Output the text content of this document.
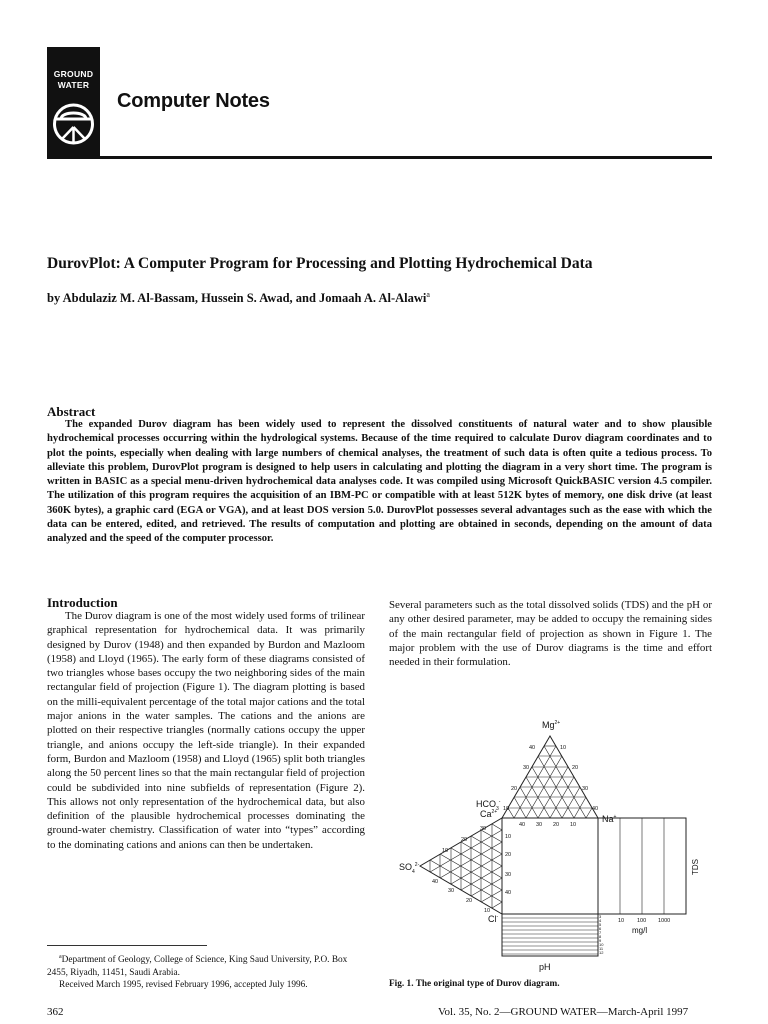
GROUND
WATER
Computer Notes
DurovPlot: A Computer Program for Processing and Plotting Hydrochemical Data
by Abdulaziz M. Al-Bassam, Hussein S. Awad, and Jomaah A. Al-Alawi$^a$
Abstract
The expanded Durov diagram has been widely used to represent the dissolved constituents of natural water and to show plausible hydrochemical processes occurring within the hydrological systems. Because of the time required to calculate Durov diagram coordinates and to plot the points, especially when dealing with large numbers of chemical analyses, the treatment of such data is often quite a tedious process. To alleviate this problem, DurovPlot program is designed to help users in calculating and plotting the diagram in a very short time. The program is written in BASIC as a special menu-driven hydrochemical data analyses code. It was compiled using Microsoft QuickBASIC version 4.5 compiler. The utilization of this program requires the acquisition of an IBM-PC or compatible with at least 512K bytes of memory, one disk drive (at least 360K bytes), a graphic card (EGA or VGA), and at least DOS version 5.0. DurovPlot possesses several advantages such as the ease with which the data can be entered, edited, and retrieved. The results of computation and plotting are obtained in seconds, depending on the amount of data analyzed and the speed of the computer processor.
Introduction
The Durov diagram is one of the most widely used forms of trilinear graphical representation for hydrochemical data. It was primarily designed by Durov (1948) and then expanded by Burdon and Mazloom (1958) and Lloyd (1965). The early form of these diagrams consisted of two triangles whose bases occupy the two neighboring sides of the main rectangular field of projection (Figure 1). The diagram plotting is based on the milli-equivalent percentage of the total major cations and the total major anions in the water samples. The cations and the anions are plotted on their respective triangles (normally cations occupy the upper triangle, and anions occupy the left-side triangle). In their expanded form, Burdon and Mazloom (1958) and Lloyd (1965) split both triangles along the 50 percent lines so that the main rectangular field of projection could be subdivided into nine subfields of representation (Figure 2). This allows not only representation of the hydrochemical data, but also definition of the plausible hydrochemical processes dominating the ground-water chemistry. Classification of water into “types” according to the dominating cations and anions can then be undertaken.
Several parameters such as the total dissolved solids (TDS) and the pH or any other desired parameter, may be added to occupy the remaining sides of the main rectangular field of projection as shown in Figure 1. The major problem with the use of Durov diagrams is the time and effort needed in their formulation.
$Mg^{2+}$
Na+
$HCO_3^-$
$Ca^{2+}$
$SO_4^{2-}$
Cl-
TDS
pH
mg/l
40
30
20
10
10
20
30
40
40 30 20 10
10
20
30
40
30
20
10
40
30
20
10
10 100 1000
3
4
5
6
7
8
9
10
11
12
Fig. 1. The original type of Durov diagram.

$^a$Department of Geology, College of Science, King Saud University, P.O. Box 2455, Riyadh, 11451, Saudi Arabia.

Received March 1995, revised February 1996, accepted July 1996.

362	Vol. 35, No. 2—GROUND WATER—March-April 1997
